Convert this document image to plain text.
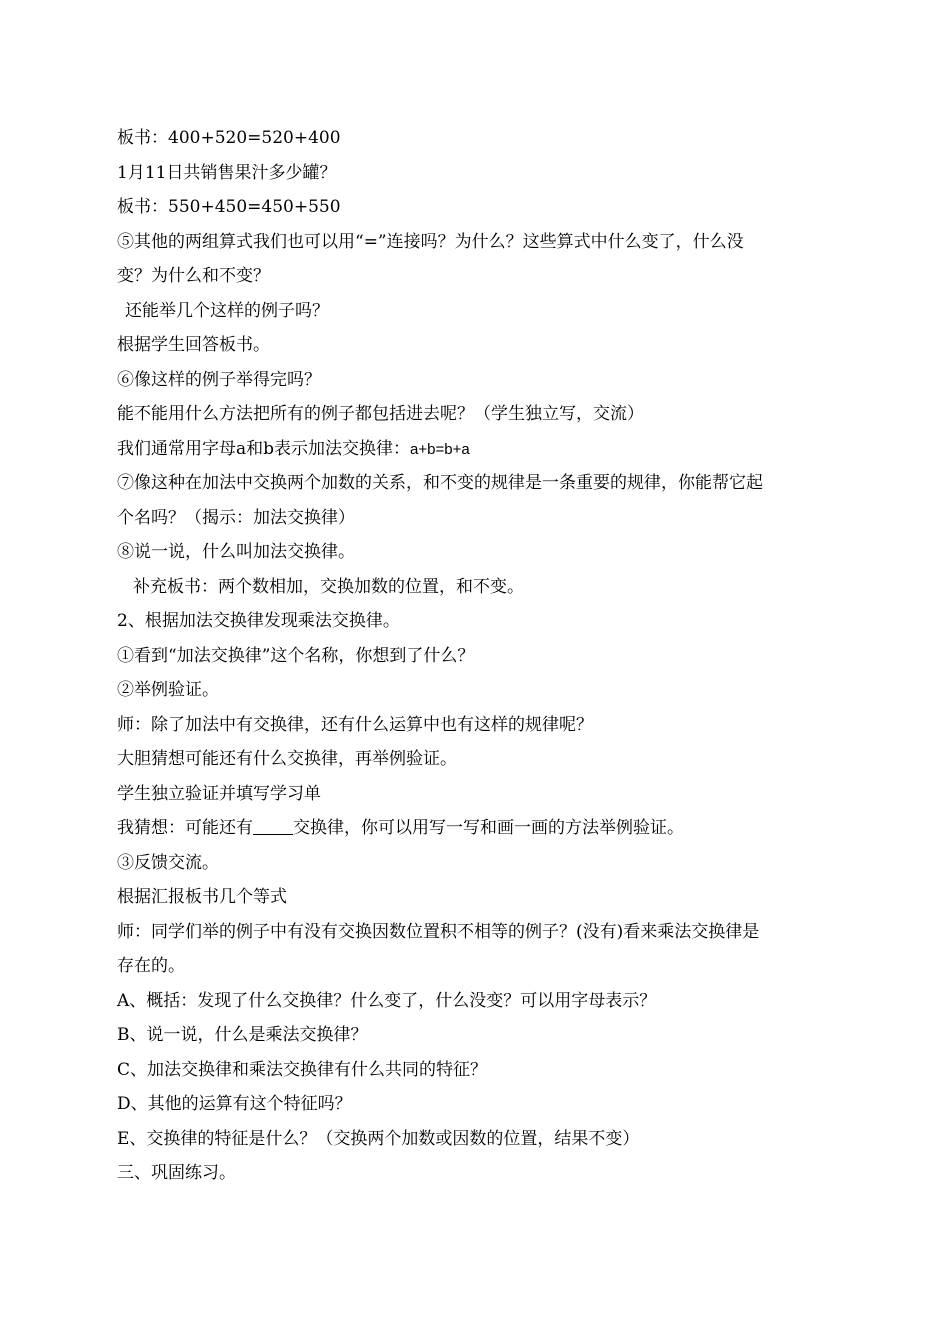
板书：400+520=520+400
1月11日共销售果汁多少罐？
板书：550+450=450+550
⑤其他的两组算式我们也可以用“=”连接吗？为什么？这些算式中什么变了，什么没
变？为什么和不变？
还能举几个这样的例子吗？
根据学生回答板书。
⑥像这样的例子举得完吗？
能不能用什么方法把所有的例子都包括进去呢？（学生独立写，交流）
我们通常用字母a和b表示加法交换律：a+b=b+a
⑦像这种在加法中交换两个加数的关系，和不变的规律是一条重要的规律，你能帮它起
个名吗？（揭示：加法交换律）
⑧说一说，什么叫加法交换律。
补充板书：两个数相加，交换加数的位置，和不变。
2、根据加法交换律发现乘法交换律。
①看到“加法交换律”这个名称，你想到了什么？
②举例验证。
师：除了加法中有交换律，还有什么运算中也有这样的规律呢？
大胆猜想可能还有什么交换律，再举例验证。
学生独立验证并填写学习单
我猜想：可能还有 交换律，你可以用写一写和画一画的方法举例验证。
③反馈交流。
根据汇报板书几个等式
师：同学们举的例子中有没有交换因数位置积不相等的例子？(没有)看来乘法交换律是
存在的。
A、概括：发现了什么交换律？什么变了，什么没变？可以用字母表示？
B、说一说，什么是乘法交换律？
C、加法交换律和乘法交换律有什么共同的特征？
D、其他的运算有这个特征吗？
E、交换律的特征是什么？（交换两个加数或因数的位置，结果不变）
三、巩固练习。
